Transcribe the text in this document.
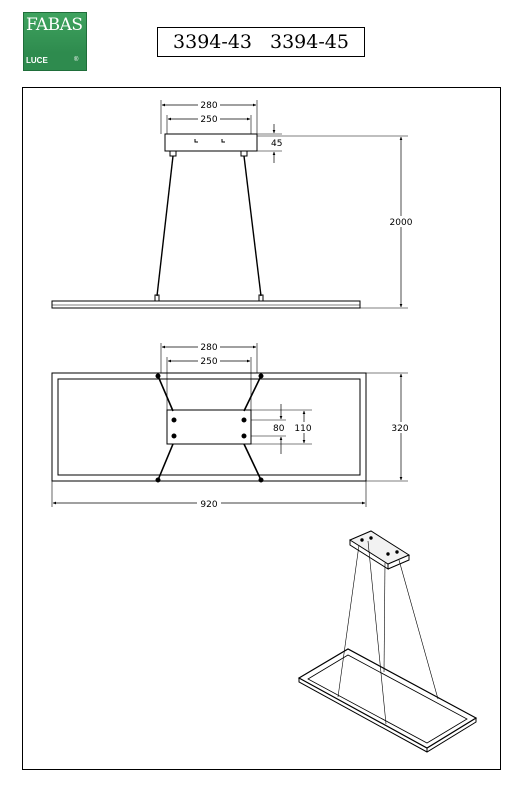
FABAS
LUCE	®
3394-43 3394-45
280
250
45
2000
280
250
80 110	320
920
